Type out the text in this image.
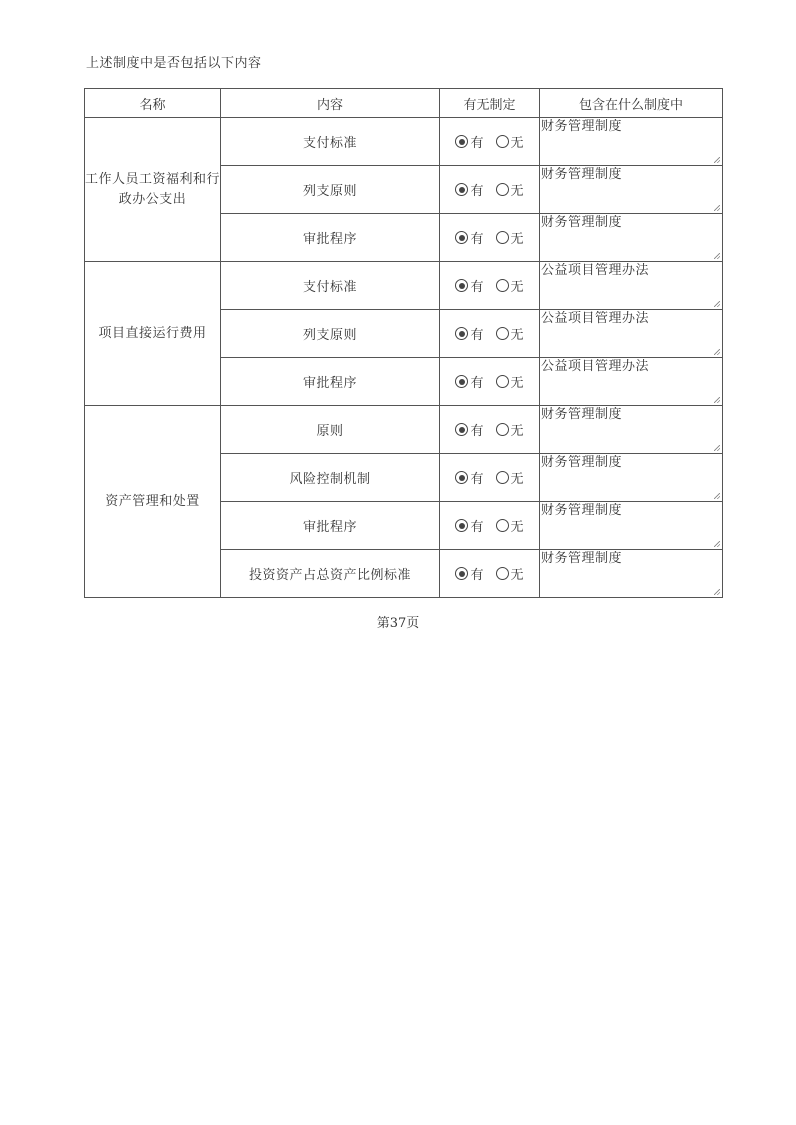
上述制度中是否包括以下内容
名称	内容	有无制定	包含在什么制度中
工作人员工资福利和行政办公支出	支付标准	有 无	财务管理制度

	列支原则	有 无	财务管理制度

	审批程序	有 无	财务管理制度

项目直接运行费用	支付标准	有 无	公益项目管理办法

	列支原则	有 无	公益项目管理办法

	审批程序	有 无	公益项目管理办法

资产管理和处置	原则	有 无	财务管理制度

	风险控制机制	有 无	财务管理制度

	审批程序	有 无	财务管理制度

	投资资产占总资产比例标准	有 无	财务管理制度
第37页
